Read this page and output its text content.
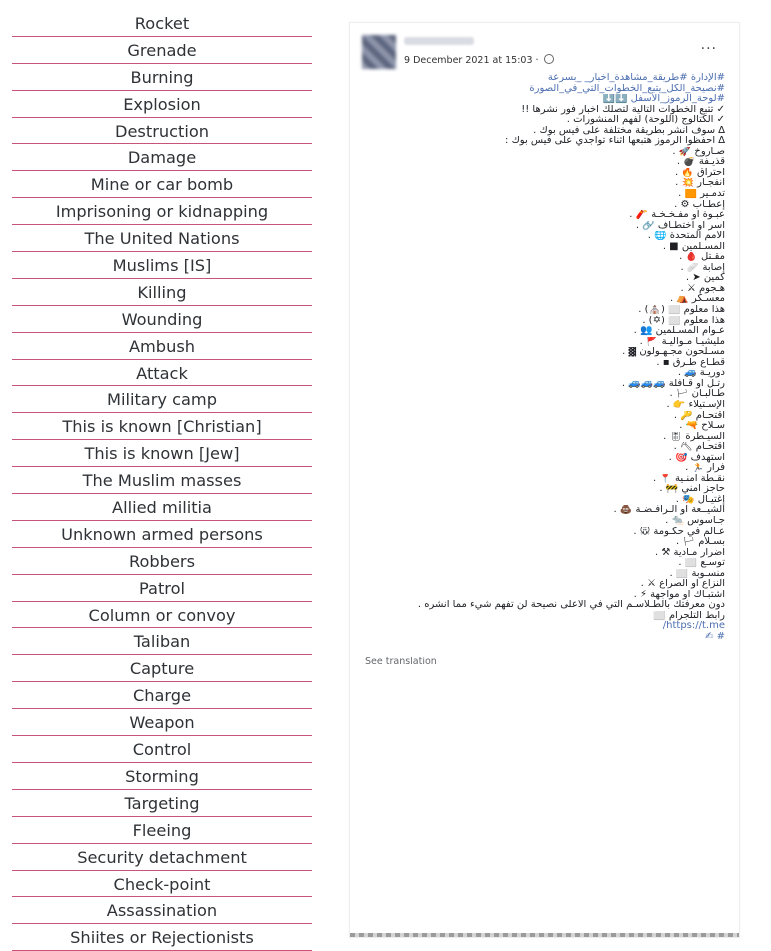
Rocket
Grenade
Burning
Explosion
Destruction
Damage
Mine or car bomb
Imprisoning or kidnapping
The United Nations
Muslims [IS]
Killing
Wounding
Ambush
Attack
Military camp
This is known [Christian]
This is known [Jew]
The Muslim masses
Allied militia
Unknown armed persons
Robbers
Patrol
Column or convoy
Taliban
Capture
Charge
Weapon
Control
Storming
Targeting
Fleeing
Security detachment
Check-point
Assassination
Shiites or Rejectionists
9 December 2021 at 15:03 ·
···
#الإدارة #طريقة_مشاهدة_أخبار_ _بسرعة
#نصيحة_الكل_يتبع_الخطوات_التي_في_الصورة
#لوحة_الرموز_الأسفل ⬇️⬇️
✓ تتبع الخطوات التالية لتصلك أخبار فور نشرها !!
✓ الكتالوج (اللوحة) لفهم المنشورات .
∆ سوف أنشر بطريقة مختلفة على فيس بوك .
∆ احفظوا الرموز هتبعها أثناء تواجدي على فيس بوك :
صـاروخ 🚀 .
قذيـفة 💣 .
احتراق 🔥 .
انفجـار 💥 .
تدمـير 🟧 .
إعطـاب ⚙ .
عبـوة أو مفـخـخـة 🧨 .
أسر أو اختطـاف 🔗 .
الأمم المتحدة 🌐 .
المسـلمين ■ .
مقـتل 🩸 .
إصابة 🩹 .
كمين ➤ .
هـجوم ⚔ .
معسـكر ⛺ .
هذا معلوم ⬜ (⛪) .
هذا معلوم ⬜ (✡) .
عـوام المسـلمين 👥 .
مليشيـا مـواليـة 🚩 .
مسـلحون مجـهـولون ▓ .
قطـاع طـرق ▪ .
دوريـة 🚙 .
رتـل أو قـافلة 🚙🚙🚙 .
طـالبـان 🏳 .
الإسـتيلاء 👉 .
اقتحـام 🔑 .
سـلاح 🔫 .
السيـطرة 🎚 .
اقتحـام ⛏ .
استهدف 🎯 .
فرار 🏃 .
نقـطة أمنـية 📍 .
حاجز أمني 🚧 .
إغتيـال 🎭 .
الشيــعة أو الـرافـضـة 💩 .
جـاسوس 🐀 .
عـالم في حكـومة 🐭 .
بسـلام 🏳 .
أضرار مـادية ⚒ .
توسـع ⬜ .
منسـوبة ⬜ .
النزاع أو الصراع ⚔ .
اشتبـاك أو مواجهة ⚡ .
دون معرفتك بالطـلاسـم التي في الأعلى نصيحة لن تفهم شيء مما أنشره .
رابط التلجرام ⬜
https://t.me/
# ✍
See translation
